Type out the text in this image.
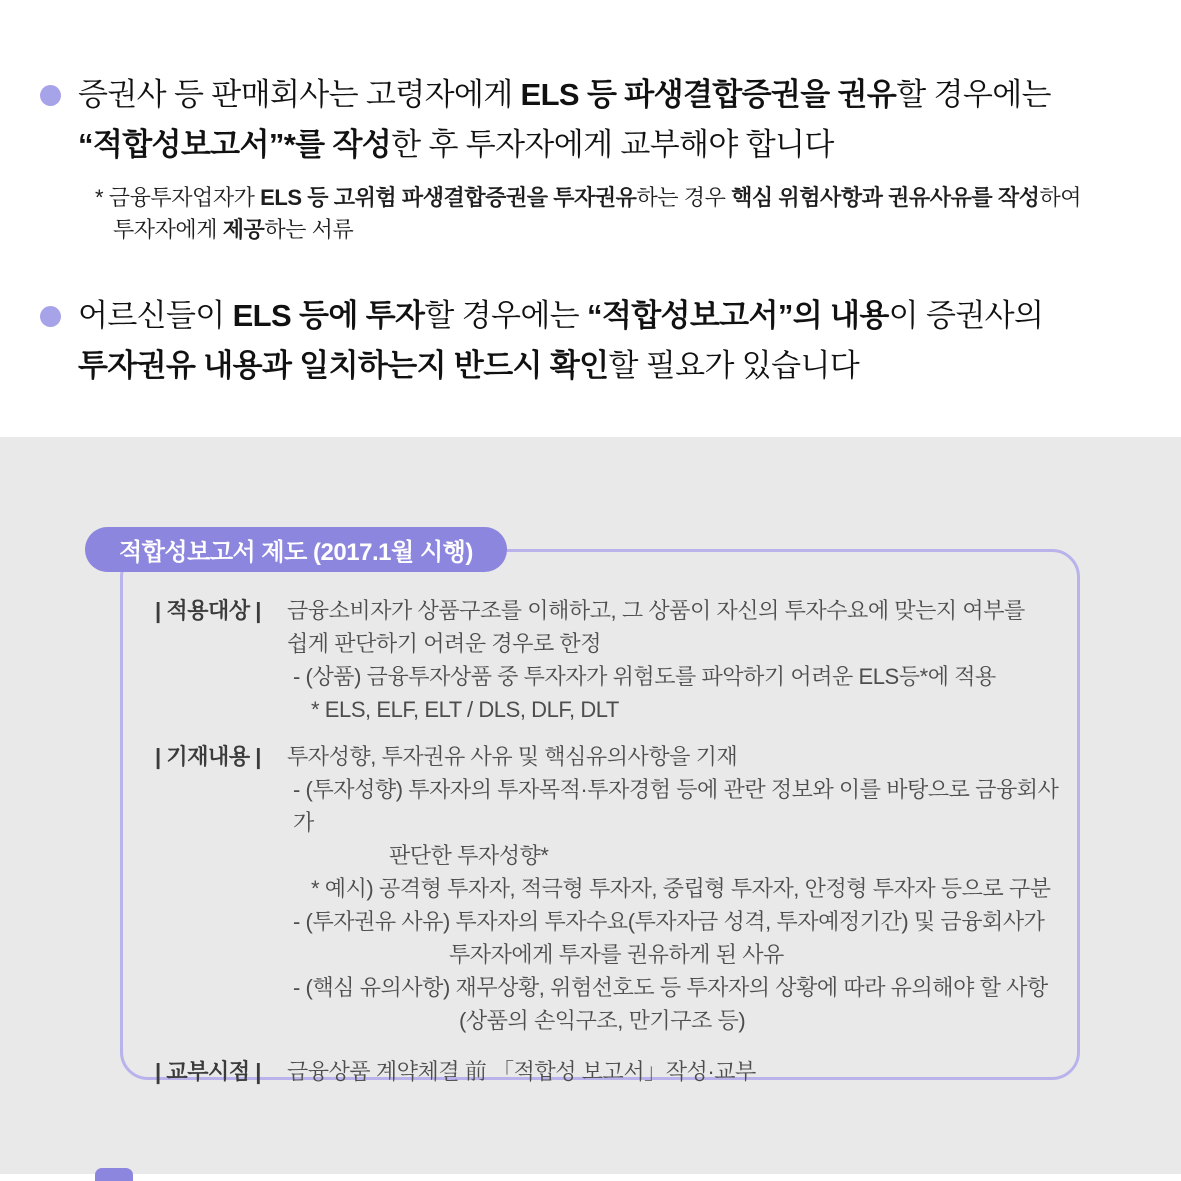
증권사 등 판매회사는 고령자에게 ELS 등 파생결합증권을 권유할 경우에는
“적합성보고서”*를 작성한 후 투자자에게 교부해야 합니다

* 금융투자업자가 ELS 등 고위험 파생결합증권을 투자권유하는 경우 핵심 위험사항과 권유사유를 작성하여
투자자에게 제공하는 서류

어르신들이 ELS 등에 투자할 경우에는 “적합성보고서”의 내용이 증권사의
투자권유 내용과 일치하는지 반드시 확인할 필요가 있습니다

적합성보고서 제도 (2017.1월 시행)
| 적용대상 |	금융소비자가 상품구조를 이해하고, 그 상품이 자신의 투자수요에 맞는지 여부를
쉽게 판단하기 어려운 경우로 한정
- (상품) 금융투자상품 중 투자자가 위험도를 파악하기 어려운 ELS등*에 적용
* ELS, ELF, ELT / DLS, DLF, DLT
| 기재내용 |	투자성향, 투자권유 사유 및 핵심유의사항을 기재
- (투자성향) 투자자의 투자목적·투자경험 등에 관란 정보와 이를 바탕으로 금융회사가
판단한 투자성향*
* 예시) 공격형 투자자, 적극형 투자자, 중립형 투자자, 안정형 투자자 등으로 구분
- (투자권유 사유) 투자자의 투자수요(투자자금 성격, 투자예정기간) 및 금융회사가
투자자에게 투자를 권유하게 된 사유
- (핵심 유의사항) 재무상황, 위험선호도 등 투자자의 상황에 따라 유의해야 할 사항
(상품의 손익구조, 만기구조 등)
| 교부시점 |	금융상품 계약체결 前 「적합성 보고서」작성·교부
